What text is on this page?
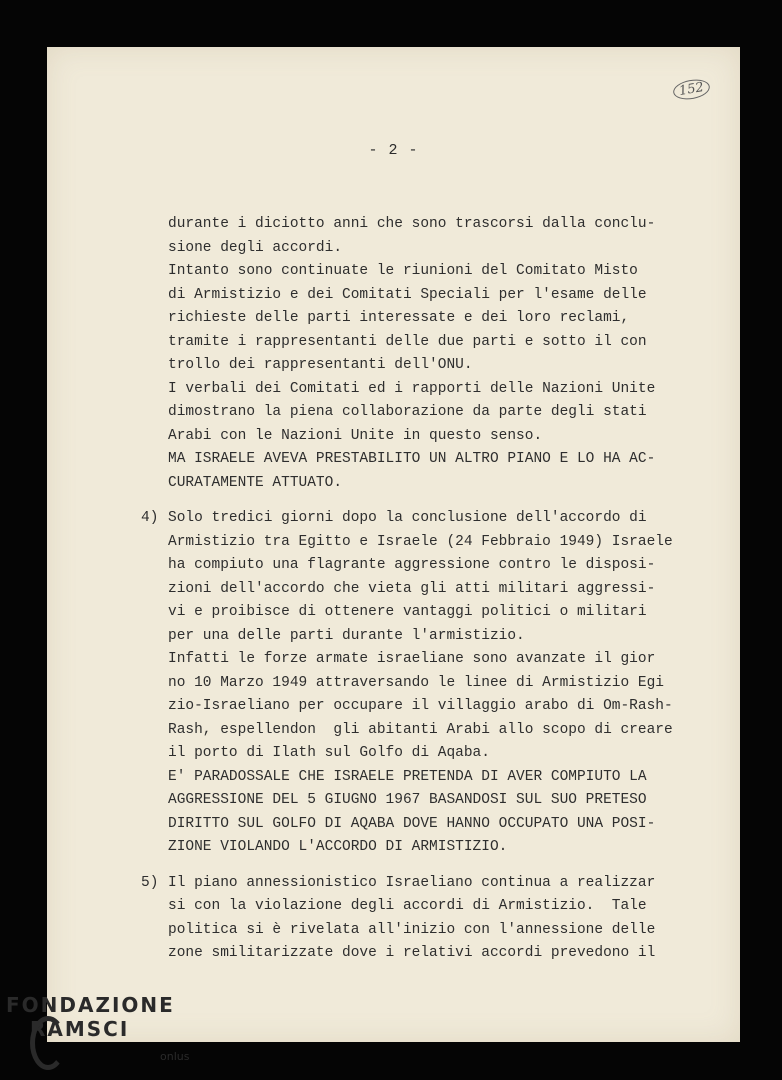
152
- 2 -
durante i diciotto anni che sono trascorsi dalla conclu-
sione degli accordi.
Intanto sono continuate le riunioni del Comitato Misto
di Armistizio e dei Comitati Speciali per l'esame delle
richieste delle parti interessate e dei loro reclami,
tramite i rappresentanti delle due parti e sotto il con
trollo dei rappresentanti dell'ONU.
I verbali dei Comitati ed i rapporti delle Nazioni Unite
dimostrano la piena collaborazione da parte degli stati
Arabi con le Nazioni Unite in questo senso.
MA ISRAELE AVEVA PRESTABILITO UN ALTRO PIANO E LO HA AC-
CURATAMENTE ATTUATO.
4) Solo tredici giorni dopo la conclusione dell'accordo di
Armistizio tra Egitto e Israele (24 Febbraio 1949) Israele
ha compiuto una flagrante aggressione contro le disposi-
zioni dell'accordo che vieta gli atti militari aggressi-
vi e proibisce di ottenere vantaggi politici o militari
per una delle parti durante l'armistizio.
Infatti le forze armate israeliane sono avanzate il gior
no 10 Marzo 1949 attraversando le linee di Armistizio Egi
zio-Israeliano per occupare il villaggio arabo di Om-Rash-
Rash, espellendon  gli abitanti Arabi allo scopo di creare
il porto di Ilath sul Golfo di Aqaba.
E' PARADOSSALE CHE ISRAELE PRETENDA DI AVER COMPIUTO LA
AGGRESSIONE DEL 5 GIUGNO 1967 BASANDOSI SUL SUO PRETESO
DIRITTO SUL GOLFO DI AQABA DOVE HANNO OCCUPATO UNA POSI-
ZIONE VIOLANDO L'ACCORDO DI ARMISTIZIO.
5) Il piano annessionistico Israeliano continua a realizzar
si con la violazione degli accordi di Armistizio.  Tale
politica si è rivelata all'inizio con l'annessione delle
zone smilitarizzate dove i relativi accordi prevedono il
FONDAZIONE
RAMSCI
onlus
